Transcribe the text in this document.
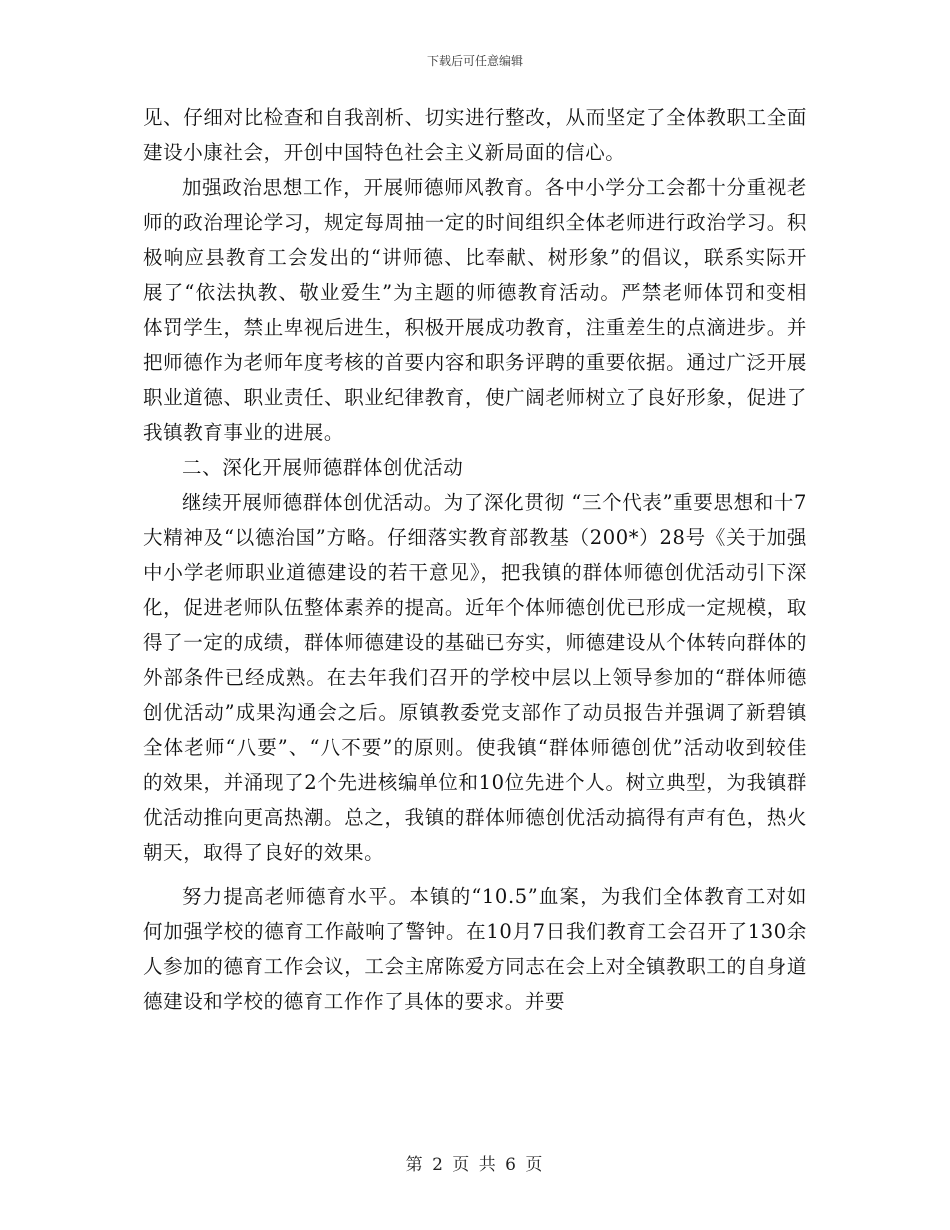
下载后可任意编辑

见、仔细对比检查和自我剖析、切实进行整改，从而坚定了全体教职工全面建设小康社会，开创中国特色社会主义新局面的信心。

加强政治思想工作，开展师德师风教育。各中小学分工会都十分重视老师的政治理论学习，规定每周抽一定的时间组织全体老师进行政治学习。积极响应县教育工会发出的“讲师德、比奉献、树形象”的倡议，联系实际开展了“依法执教、敬业爱生”为主题的师德教育活动。严禁老师体罚和变相体罚学生，禁止卑视后进生，积极开展成功教育，注重差生的点滴进步。并把师德作为老师年度考核的首要内容和职务评聘的重要依据。通过广泛开展职业道德、职业责任、职业纪律教育，使广阔老师树立了良好形象，促进了我镇教育事业的进展。

二、深化开展师德群体创优活动

继续开展师德群体创优活动。为了深化贯彻 “三个代表”重要思想和十7大精神及“以德治国”方略。仔细落实教育部教基（200*）28号《关于加强中小学老师职业道德建设的若干意见》，把我镇的群体师德创优活动引下深化，促进老师队伍整体素养的提高。近年个体师德创优已形成一定规模，取得了一定的成绩，群体师德建设的基础已夯实，师德建设从个体转向群体的外部条件已经成熟。在去年我们召开的学校中层以上领导参加的“群体师德创优活动”成果沟通会之后。原镇教委党支部作了动员报告并强调了新碧镇全体老师“八要”、“八不要”的原则。使我镇“群体师德创优”活动收到较佳的效果，并涌现了2个先进核编单位和10位先进个人。树立典型，为我镇群优活动推向更高热潮。总之，我镇的群体师德创优活动搞得有声有色，热火朝天，取得了良好的效果。

努力提高老师德育水平。本镇的“10.5”血案，为我们全体教育工对如何加强学校的德育工作敲响了警钟。在10月7日我们教育工会召开了130余人参加的德育工作会议，工会主席陈爱方同志在会上对全镇教职工的自身道德建设和学校的德育工作作了具体的要求。并要

第 2 页 共 6 页
